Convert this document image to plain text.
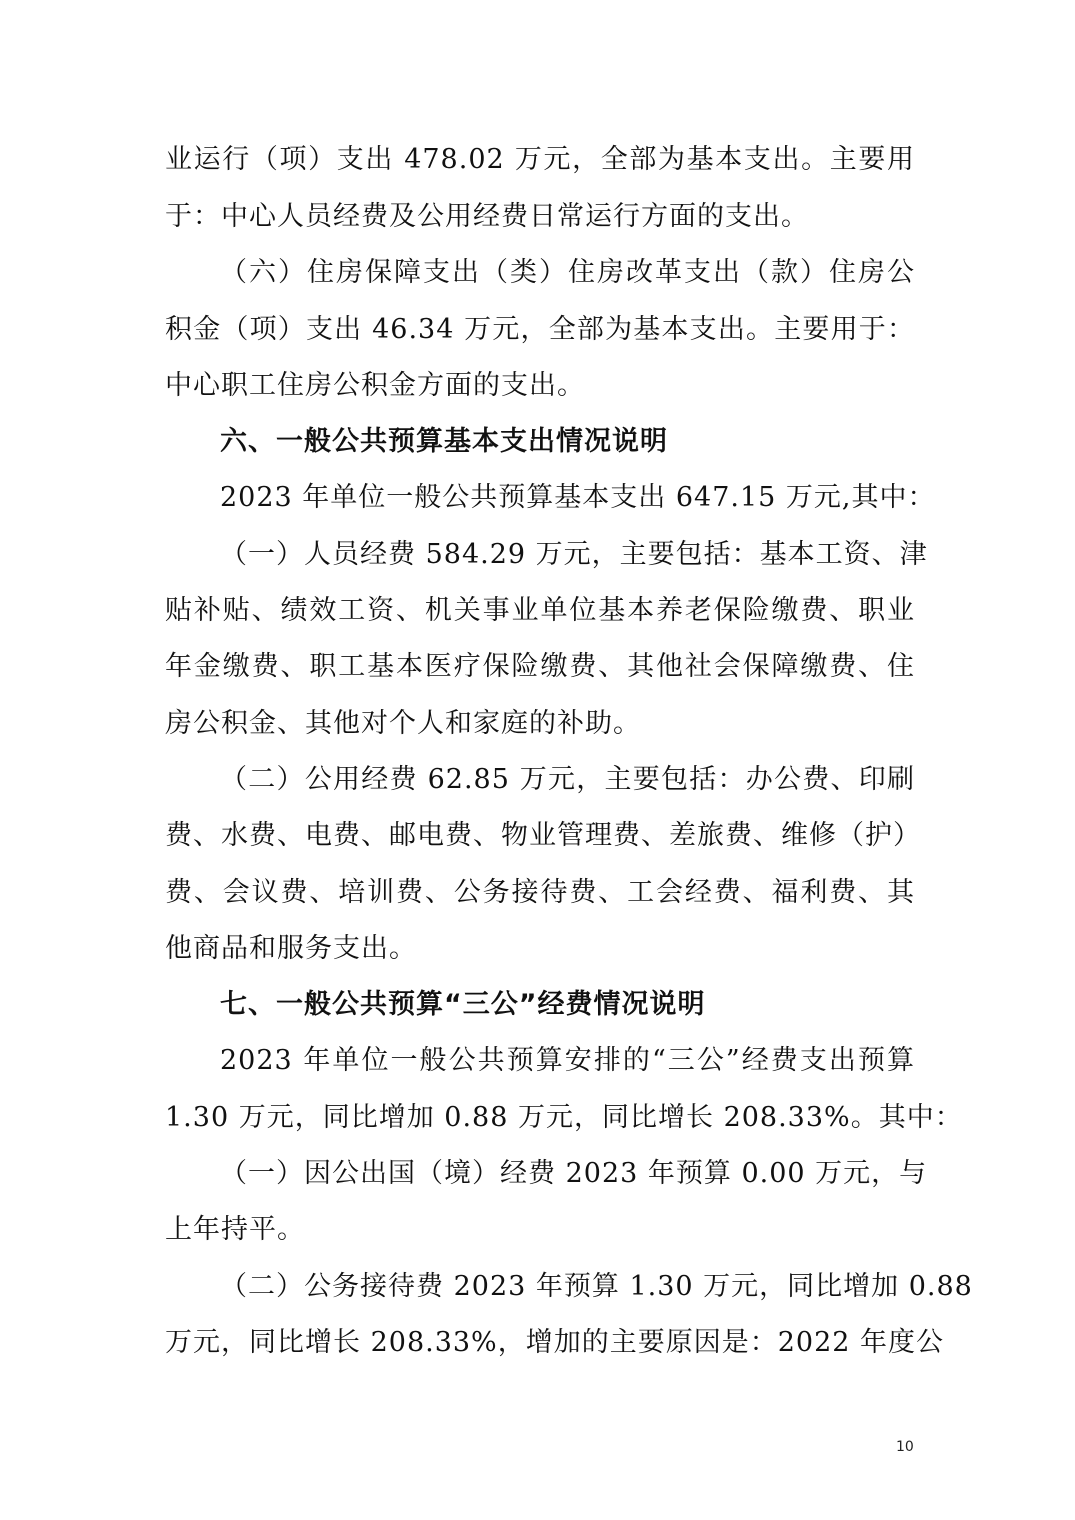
业运行（项）支出 478.02 万元，全部为基本支出。主要用
于：中心人员经费及公用经费日常运行方面的支出。
（六）住房保障支出（类）住房改革支出（款）住房公
积金（项）支出 46.34 万元，全部为基本支出。主要用于：
中心职工住房公积金方面的支出。
六、一般公共预算基本支出情况说明
2023 年单位一般公共预算基本支出 647.15 万元,其中：
（一）人员经费 584.29 万元，主要包括：基本工资、津
贴补贴、绩效工资、机关事业单位基本养老保险缴费、职业
年金缴费、职工基本医疗保险缴费、其他社会保障缴费、住
房公积金、其他对个人和家庭的补助。
（二）公用经费 62.85 万元，主要包括：办公费、印刷
费、水费、电费、邮电费、物业管理费、差旅费、维修（护）
费、会议费、培训费、公务接待费、工会经费、福利费、其
他商品和服务支出。
七、一般公共预算“三公”经费情况说明
2023 年单位一般公共预算安排的“三公”经费支出预算
1.30 万元，同比增加 0.88 万元，同比增长 208.33%。其中：
（一）因公出国（境）经费 2023 年预算 0.00 万元，与
上年持平。
（二）公务接待费 2023 年预算 1.30 万元，同比增加 0.88
万元，同比增长 208.33%，增加的主要原因是：2022 年度公
10
